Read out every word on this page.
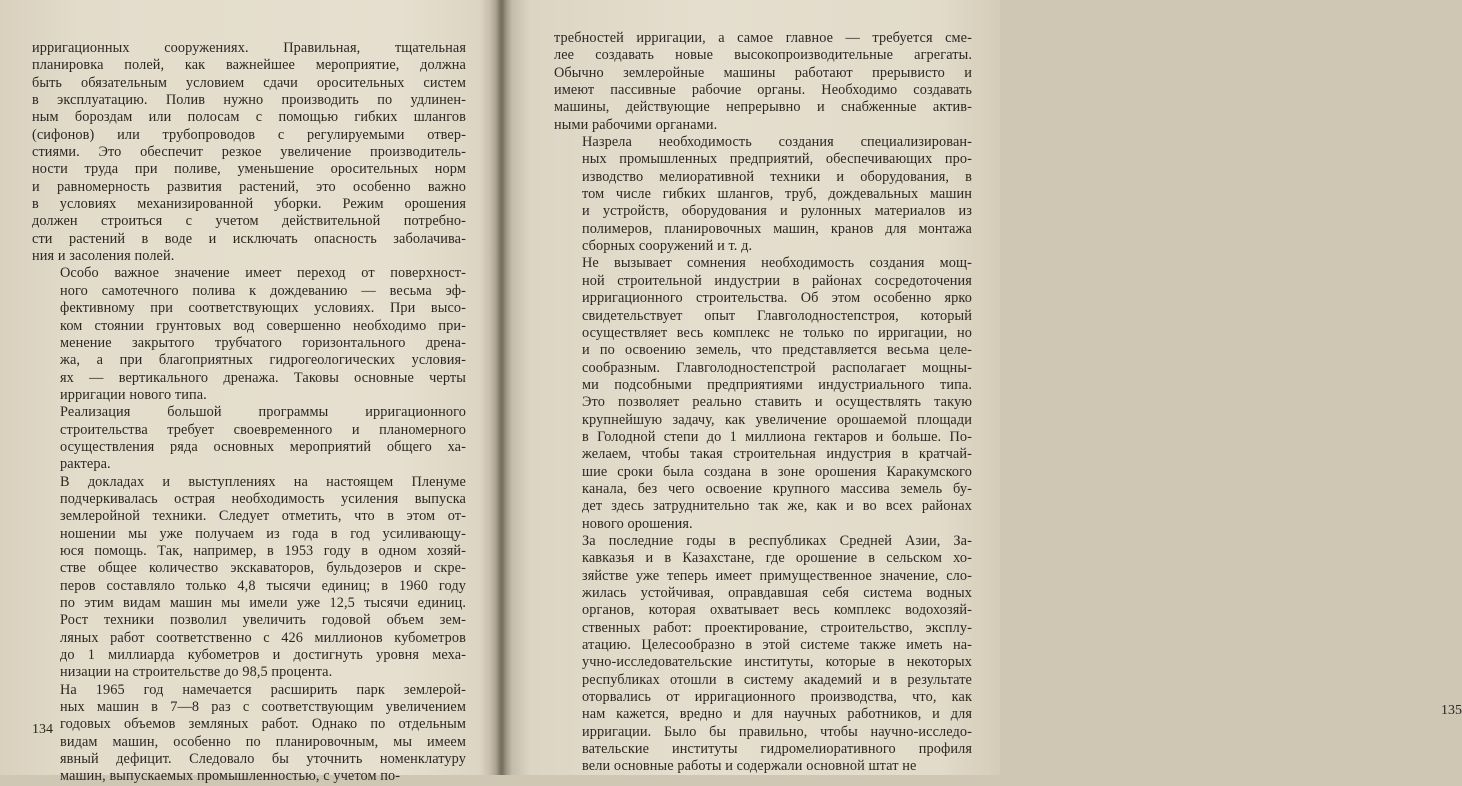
ирригационных сооружениях. Правильная, тщательная
планировка полей, как важнейшее мероприятие, должна
быть обязательным условием сдачи оросительных систем
в эксплуатацию. Полив нужно производить по удлинен-
ным бороздам или полосам с помощью гибких шлангов
(сифонов) или трубопроводов с регулируемыми отвер-
стиями. Это обеспечит резкое увеличение производитель-
ности труда при поливе, уменьшение оросительных норм
и равномерность развития растений, это особенно важно
в условиях механизированной уборки. Режим орошения
должен строиться с учетом действительной потребно-
сти растений в воде и исключать опасность заболачива-
ния и засоления полей.
Особо важное значение имеет переход от поверхност-
ного самотечного полива к дождеванию — весьма эф-
фективному при соответствующих условиях. При высо-
ком стоянии грунтовых вод совершенно необходимо при-
менение закрытого трубчатого горизонтального дрена-
жа, а при благоприятных гидрогеологических условия-
ях — вертикального дренажа. Таковы основные черты
ирригации нового типа.
Реализация большой программы ирригационного
строительства требует своевременного и планомерного
осуществления ряда основных мероприятий общего ха-
рактера.
В докладах и выступлениях на настоящем Пленуме
подчеркивалась острая необходимость усиления выпуска
землеройной техники. Следует отметить, что в этом от-
ношении мы уже получаем из года в год усиливающу-
юся помощь. Так, например, в 1953 году в одном хозяй-
стве общее количество экскаваторов, бульдозеров и скре-
перов составляло только 4,8 тысячи единиц; в 1960 году
по этим видам машин мы имели уже 12,5 тысячи единиц.
Рост техники позволил увеличить годовой объем зем-
ляных работ соответственно с 426 миллионов кубометров
до 1 миллиарда кубометров и достигнуть уровня меха-
низации на строительстве до 98,5 процента.
На 1965 год намечается расширить парк землерой-
ных машин в 7—8 раз с соответствующим увеличением
годовых объемов земляных работ. Однако по отдельным
видам машин, особенно по планировочным, мы имеем
явный дефицит. Следовало бы уточнить номенклатуру
машин, выпускаемых промышленностью, с учетом по-
134
требностей ирригации, а самое главное — требуется сме-
лее создавать новые высокопроизводительные агрегаты.
Обычно землеройные машины работают прерывисто и
имеют пассивные рабочие органы. Необходимо создавать
машины, действующие непрерывно и снабженные актив-
ными рабочими органами.
Назрела необходимость создания специализирован-
ных промышленных предприятий, обеспечивающих про-
изводство мелиоративной техники и оборудования, в
том числе гибких шлангов, труб, дождевальных машин
и устройств, оборудования и рулонных материалов из
полимеров, планировочных машин, кранов для монтажа
сборных сооружений и т. д.
Не вызывает сомнения необходимость создания мощ-
ной строительной индустрии в районах сосредоточения
ирригационного строительства. Об этом особенно ярко
свидетельствует опыт Главголодностепстроя, который
осуществляет весь комплекс не только по ирригации, но
и по освоению земель, что представляется весьма целе-
сообразным. Главголодностепстрой располагает мощны-
ми подсобными предприятиями индустриального типа.
Это позволяет реально ставить и осуществлять такую
крупнейшую задачу, как увеличение орошаемой площади
в Голодной степи до 1 миллиона гектаров и больше. По-
желаем, чтобы такая строительная индустрия в кратчай-
шие сроки была создана в зоне орошения Каракумского
канала, без чего освоение крупного массива земель бу-
дет здесь затруднительно так же, как и во всех районах
нового орошения.
За последние годы в республиках Средней Азии, За-
кавказья и в Казахстане, где орошение в сельском хо-
зяйстве уже теперь имеет примущественное значение, сло-
жилась устойчивая, оправдавшая себя система водных
органов, которая охватывает весь комплекс водохозяй-
ственных работ: проектирование, строительство, эксплу-
атацию. Целесообразно в этой системе также иметь на-
учно-исследовательские институты, которые в некоторых
республиках отошли в систему академий и в результате
оторвались от ирригационного производства, что, как
нам кажется, вредно и для научных работников, и для
ирригации. Было бы правильно, чтобы научно-исследо-
вательские институты гидромелиоративного профиля
вели основные работы и содержали основной штат не
135
